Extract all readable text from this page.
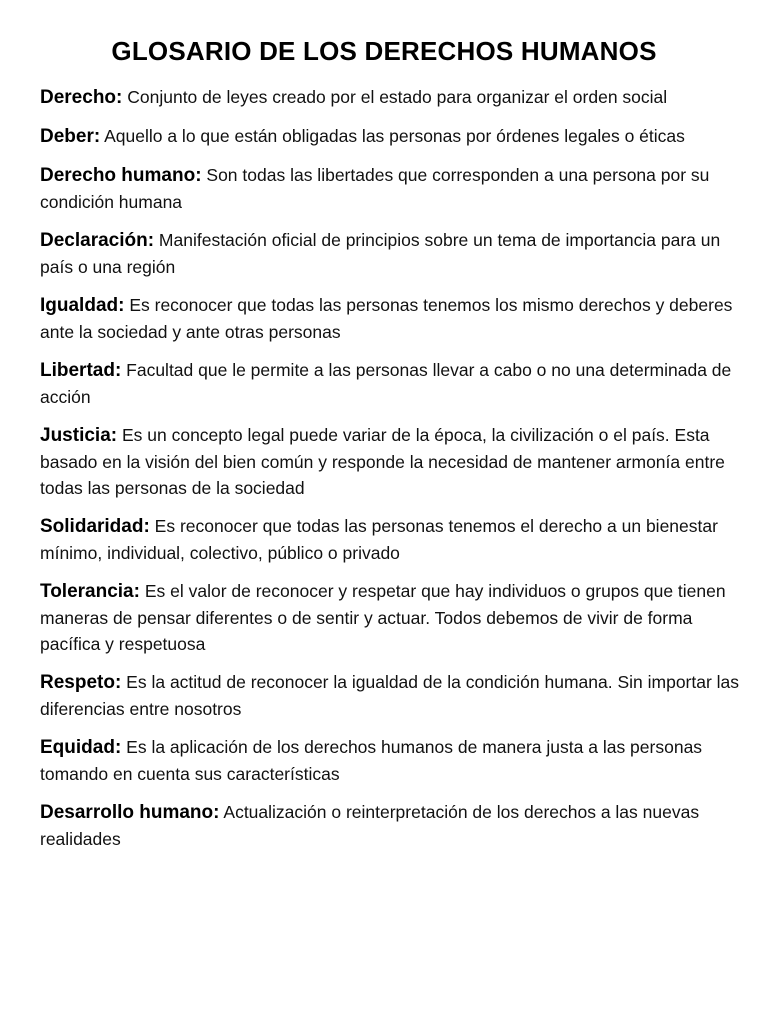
GLOSARIO DE LOS DERECHOS HUMANOS

Derecho: Conjunto de leyes creado por el estado para organizar el orden social

Deber: Aquello a lo que están obligadas las personas por órdenes legales o éticas

Derecho humano: Son todas las libertades que corresponden a una persona por su condición humana

Declaración: Manifestación oficial de principios sobre un tema de importancia para un país o una región

Igualdad: Es reconocer que todas las personas tenemos los mismo derechos y deberes ante la sociedad y ante otras personas

Libertad: Facultad que le permite a las personas llevar a cabo o no una determinada de acción

Justicia: Es un concepto legal puede variar de la época, la civilización o el país. Esta basado en la visión del bien común y responde la necesidad de mantener armonía entre todas las personas de la sociedad

Solidaridad: Es reconocer que todas las personas tenemos el derecho a un bienestar mínimo, individual, colectivo, público o privado

Tolerancia: Es el valor de reconocer y respetar que hay individuos o grupos que tienen maneras de pensar diferentes o de sentir y actuar. Todos debemos de vivir de forma pacífica y respetuosa

Respeto: Es la actitud de reconocer la igualdad de la condición humana. Sin importar las diferencias entre nosotros

Equidad: Es la aplicación de los derechos humanos de manera justa a las personas tomando en cuenta sus características

Desarrollo humano: Actualización o reinterpretación de los derechos a las nuevas realidades
